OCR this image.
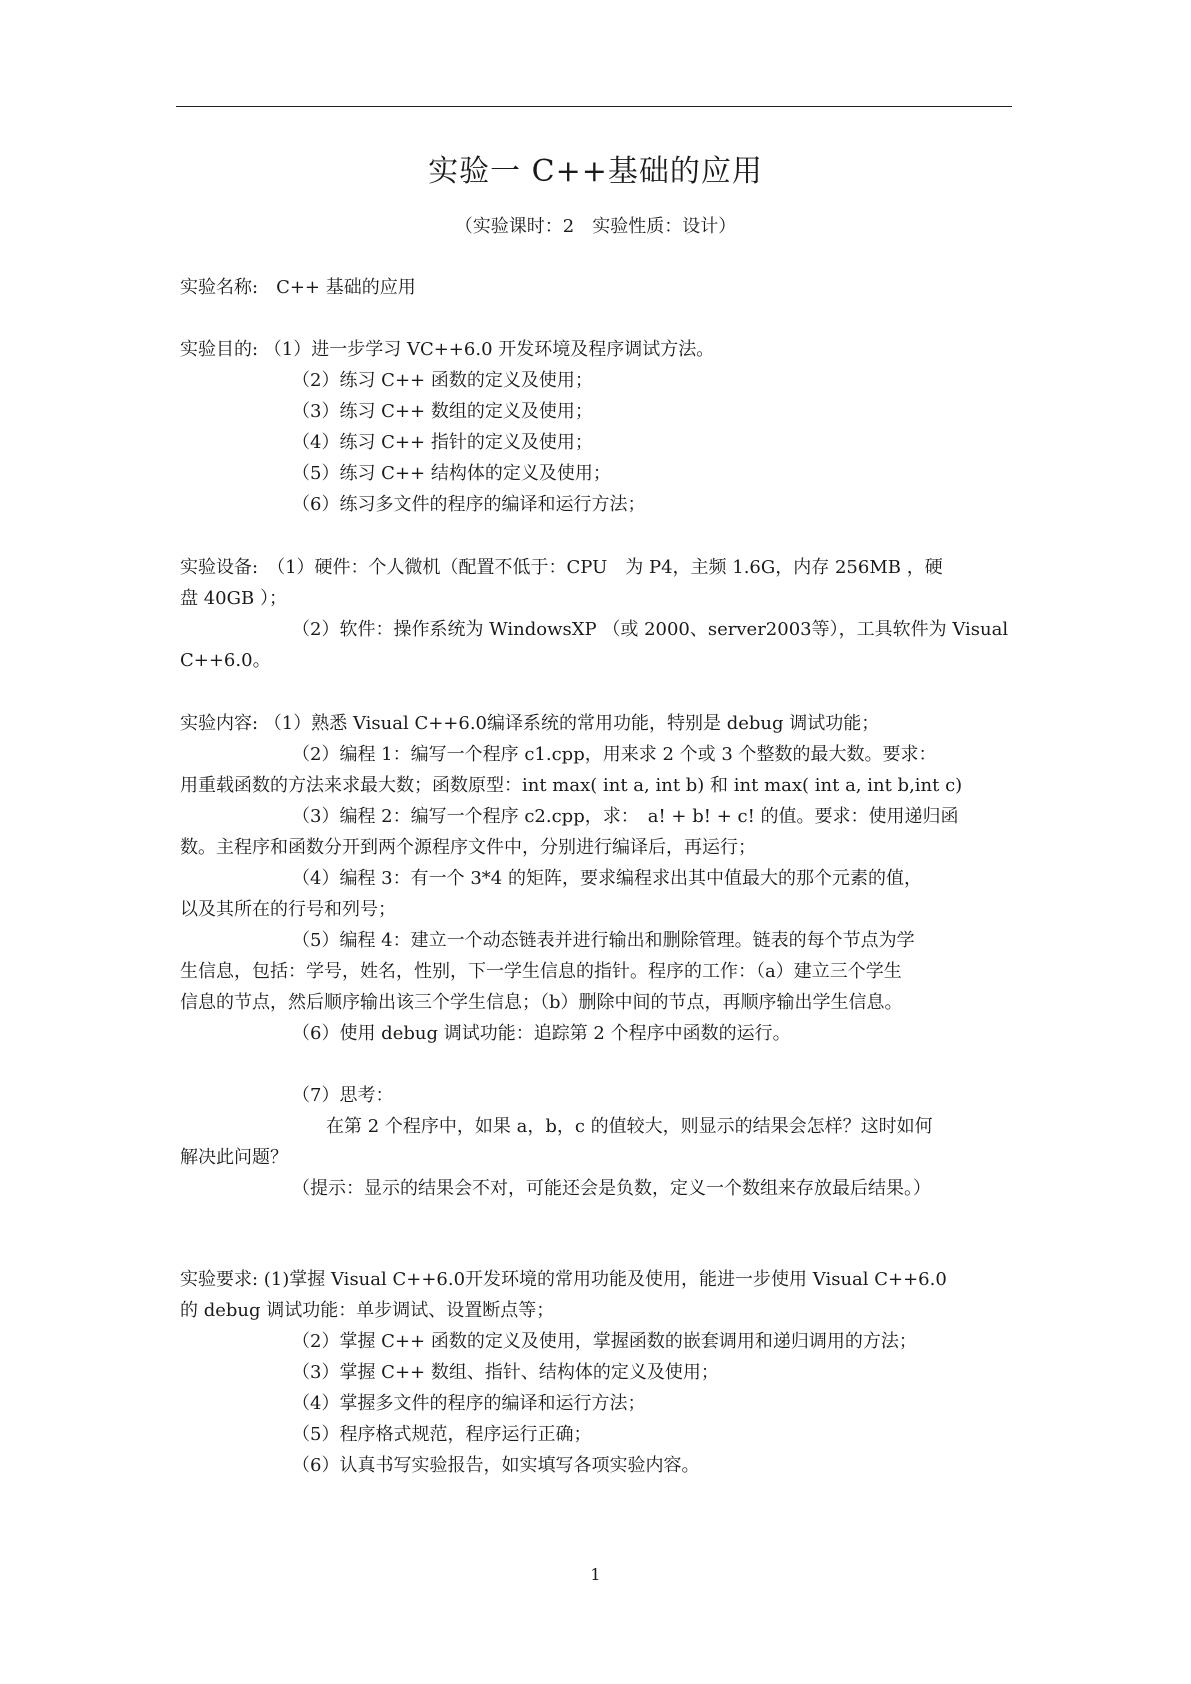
实验一 C++基础的应用
（实验课时：2　实验性质：设计）
实验名称:　C++ 基础的应用
实验目的: （1）进一步学习 VC++6.0 开发环境及程序调试方法。
（2）练习 C++ 函数的定义及使用；
（3）练习 C++ 数组的定义及使用；
（4）练习 C++ 指针的定义及使用；
（5）练习 C++ 结构体的定义及使用；
（6）练习多文件的程序的编译和运行方法；
实验设备:　（1）硬件：个人微机（配置不低于：CPU　为 P4，主频 1.6G，内存 256MB ，硬
盘 40GB ）；
（2）软件：操作系统为 WindowsXP （或 2000、server2003等），工具软件为 Visual
C++6.0。
实验内容: （1）熟悉 Visual C++6.0编译系统的常用功能，特别是 debug 调试功能；
（2）编程 1：编写一个程序 c1.cpp，用来求 2 个或 3 个整数的最大数。要求：
用重载函数的方法来求最大数；函数原型：int max( int a, int b) 和 int max( int a, int b,int c)
（3）编程 2：编写一个程序 c2.cpp，求：　a! + b! + c! 的值。要求：使用递归函
数。主程序和函数分开到两个源程序文件中，分别进行编译后，再运行；
（4）编程 3：有一个 3*4 的矩阵，要求编程求出其中值最大的那个元素的值，
以及其所在的行号和列号；
（5）编程 4：建立一个动态链表并进行输出和删除管理。链表的每个节点为学
生信息，包括：学号，姓名，性别，下一学生信息的指针。程序的工作：（a）建立三个学生
信息的节点，然后顺序输出该三个学生信息；（b）删除中间的节点，再顺序输出学生信息。
（6）使用 debug 调试功能：追踪第 2 个程序中函数的运行。
（7）思考：
在第 2 个程序中，如果 a，b，c 的值较大，则显示的结果会怎样？这时如何
解决此问题？
（提示：显示的结果会不对，可能还会是负数，定义一个数组来存放最后结果。）
实验要求: (1)掌握 Visual C++6.0开发环境的常用功能及使用，能进一步使用 Visual C++6.0
的 debug 调试功能：单步调试、设置断点等；
（2）掌握 C++ 函数的定义及使用，掌握函数的嵌套调用和递归调用的方法；
（3）掌握 C++ 数组、指针、结构体的定义及使用；
（4）掌握多文件的程序的编译和运行方法；
（5）程序格式规范，程序运行正确；
（6）认真书写实验报告，如实填写各项实验内容。
1
